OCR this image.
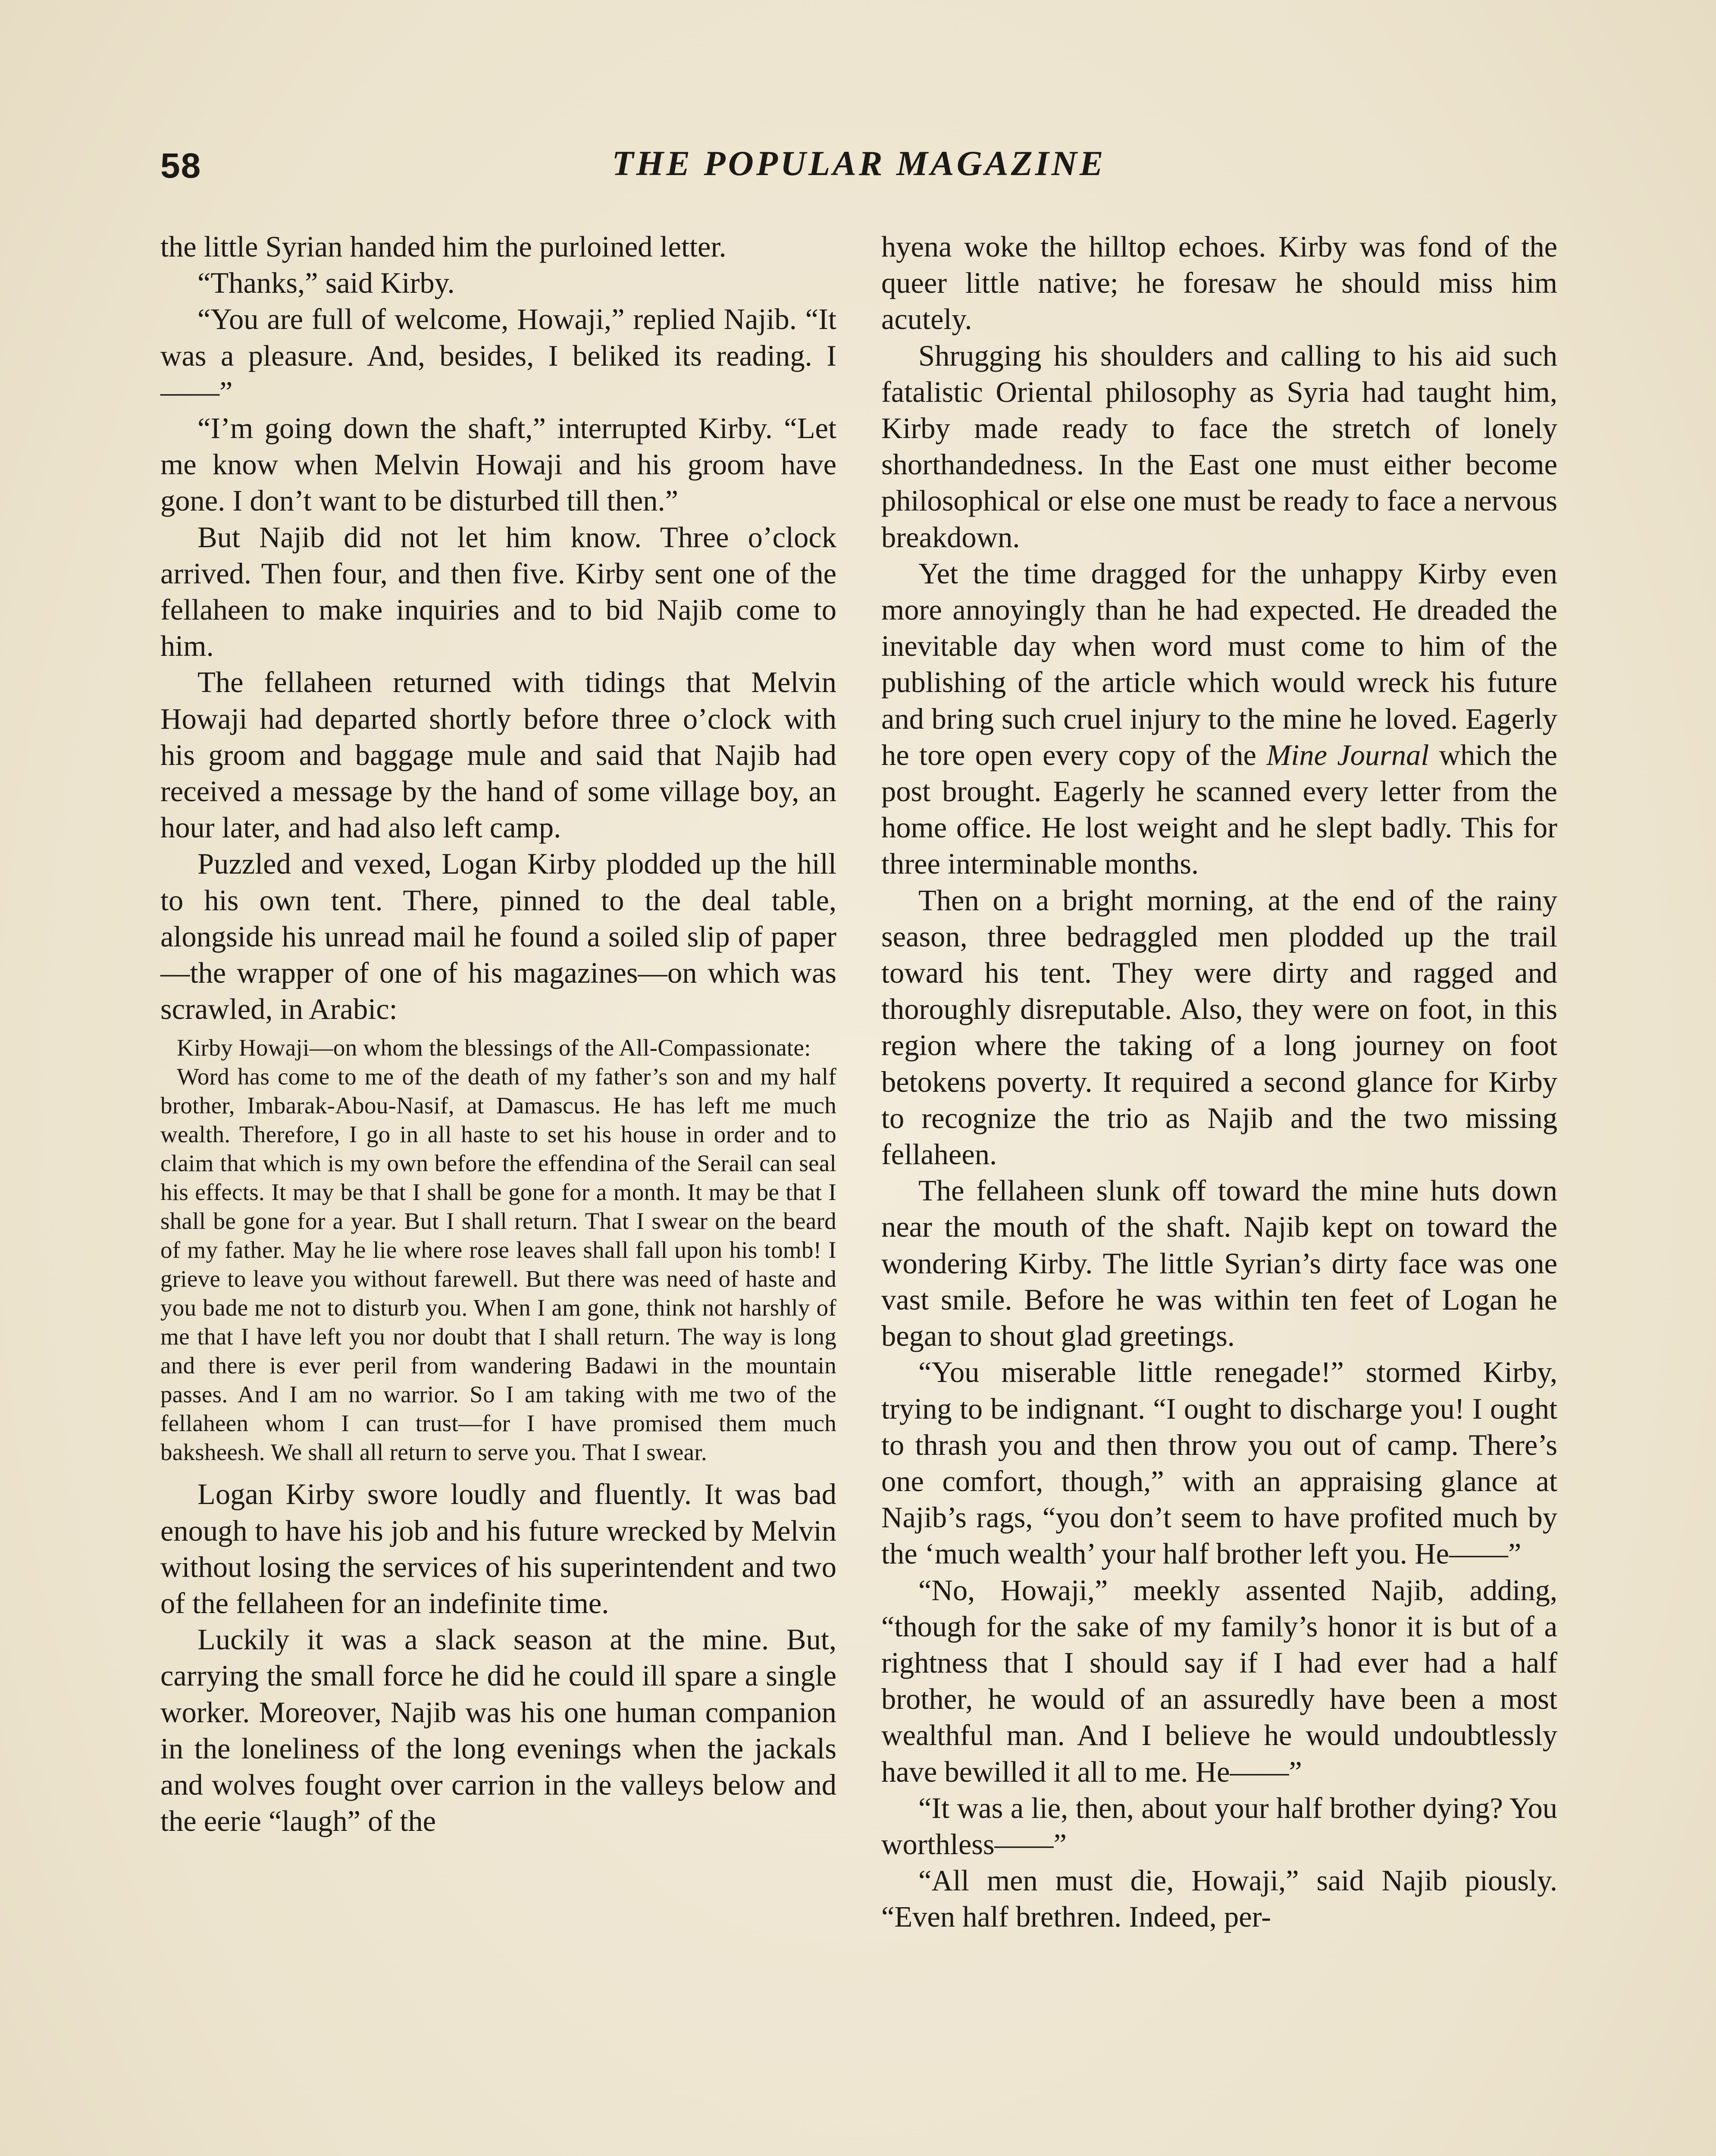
58	THE POPULAR MAGAZINE

the little Syrian handed him the purloined letter.

“Thanks,” said Kirby.

“You are full of welcome, Howaji,” replied Najib. “It was a pleasure. And, besides, I beliked its reading. I——”

“I’m going down the shaft,” interrupted Kirby. “Let me know when Melvin Howaji and his groom have gone. I don’t want to be disturbed till then.”

But Najib did not let him know. Three o’clock arrived. Then four, and then five. Kirby sent one of the fellaheen to make inquiries and to bid Najib come to him.

The fellaheen returned with tidings that Melvin Howaji had departed shortly before three o’clock with his groom and baggage mule and said that Najib had received a message by the hand of some village boy, an hour later, and had also left camp.

Puzzled and vexed, Logan Kirby plodded up the hill to his own tent. There, pinned to the deal table, alongside his unread mail he found a soiled slip of paper—the wrapper of one of his magazines—on which was scrawled, in Arabic:

Kirby Howaji—on whom the blessings of the All-Compassionate:

Word has come to me of the death of my father’s son and my half brother, Imbarak-Abou-Nasif, at Damascus. He has left me much wealth. Therefore, I go in all haste to set his house in order and to claim that which is my own before the effendina of the Serail can seal his effects. It may be that I shall be gone for a month. It may be that I shall be gone for a year. But I shall return. That I swear on the beard of my father. May he lie where rose leaves shall fall upon his tomb! I grieve to leave you without farewell. But there was need of haste and you bade me not to disturb you. When I am gone, think not harshly of me that I have left you nor doubt that I shall return. The way is long and there is ever peril from wandering Badawi in the mountain passes. And I am no warrior. So I am taking with me two of the fellaheen whom I can trust—for I have promised them much baksheesh. We shall all return to serve you. That I swear.

Logan Kirby swore loudly and fluently. It was bad enough to have his job and his future wrecked by Melvin without losing the services of his superintendent and two of the fellaheen for an indefinite time.

Luckily it was a slack season at the mine. But, carrying the small force he did he could ill spare a single worker. Moreover, Najib was his one human companion in the loneliness of the long evenings when the jackals and wolves fought over carrion in the valleys below and the eerie “laugh” of the

hyena woke the hilltop echoes. Kirby was fond of the queer little native; he foresaw he should miss him acutely.

Shrugging his shoulders and calling to his aid such fatalistic Oriental philosophy as Syria had taught him, Kirby made ready to face the stretch of lonely shorthandedness. In the East one must either become philosophical or else one must be ready to face a nervous breakdown.

Yet the time dragged for the unhappy Kirby even more annoyingly than he had expected. He dreaded the inevitable day when word must come to him of the publishing of the article which would wreck his future and bring such cruel injury to the mine he loved. Eagerly he tore open every copy of the Mine Journal which the post brought. Eagerly he scanned every letter from the home office. He lost weight and he slept badly. This for three interminable months.

Then on a bright morning, at the end of the rainy season, three bedraggled men plodded up the trail toward his tent. They were dirty and ragged and thoroughly disreputable. Also, they were on foot, in this region where the taking of a long journey on foot betokens poverty. It required a second glance for Kirby to recognize the trio as Najib and the two missing fellaheen.

The fellaheen slunk off toward the mine huts down near the mouth of the shaft. Najib kept on toward the wondering Kirby. The little Syrian’s dirty face was one vast smile. Before he was within ten feet of Logan he began to shout glad greetings.

“You miserable little renegade!” stormed Kirby, trying to be indignant. “I ought to discharge you! I ought to thrash you and then throw you out of camp. There’s one comfort, though,” with an appraising glance at Najib’s rags, “you don’t seem to have profited much by the ‘much wealth’ your half brother left you. He——”

“No, Howaji,” meekly assented Najib, adding, “though for the sake of my family’s honor it is but of a rightness that I should say if I had ever had a half brother, he would of an assuredly have been a most wealthful man. And I believe he would undoubtlessly have bewilled it all to me. He——”

“It was a lie, then, about your half brother dying? You worthless——”

“All men must die, Howaji,” said Najib piously. “Even half brethren. Indeed, per-
